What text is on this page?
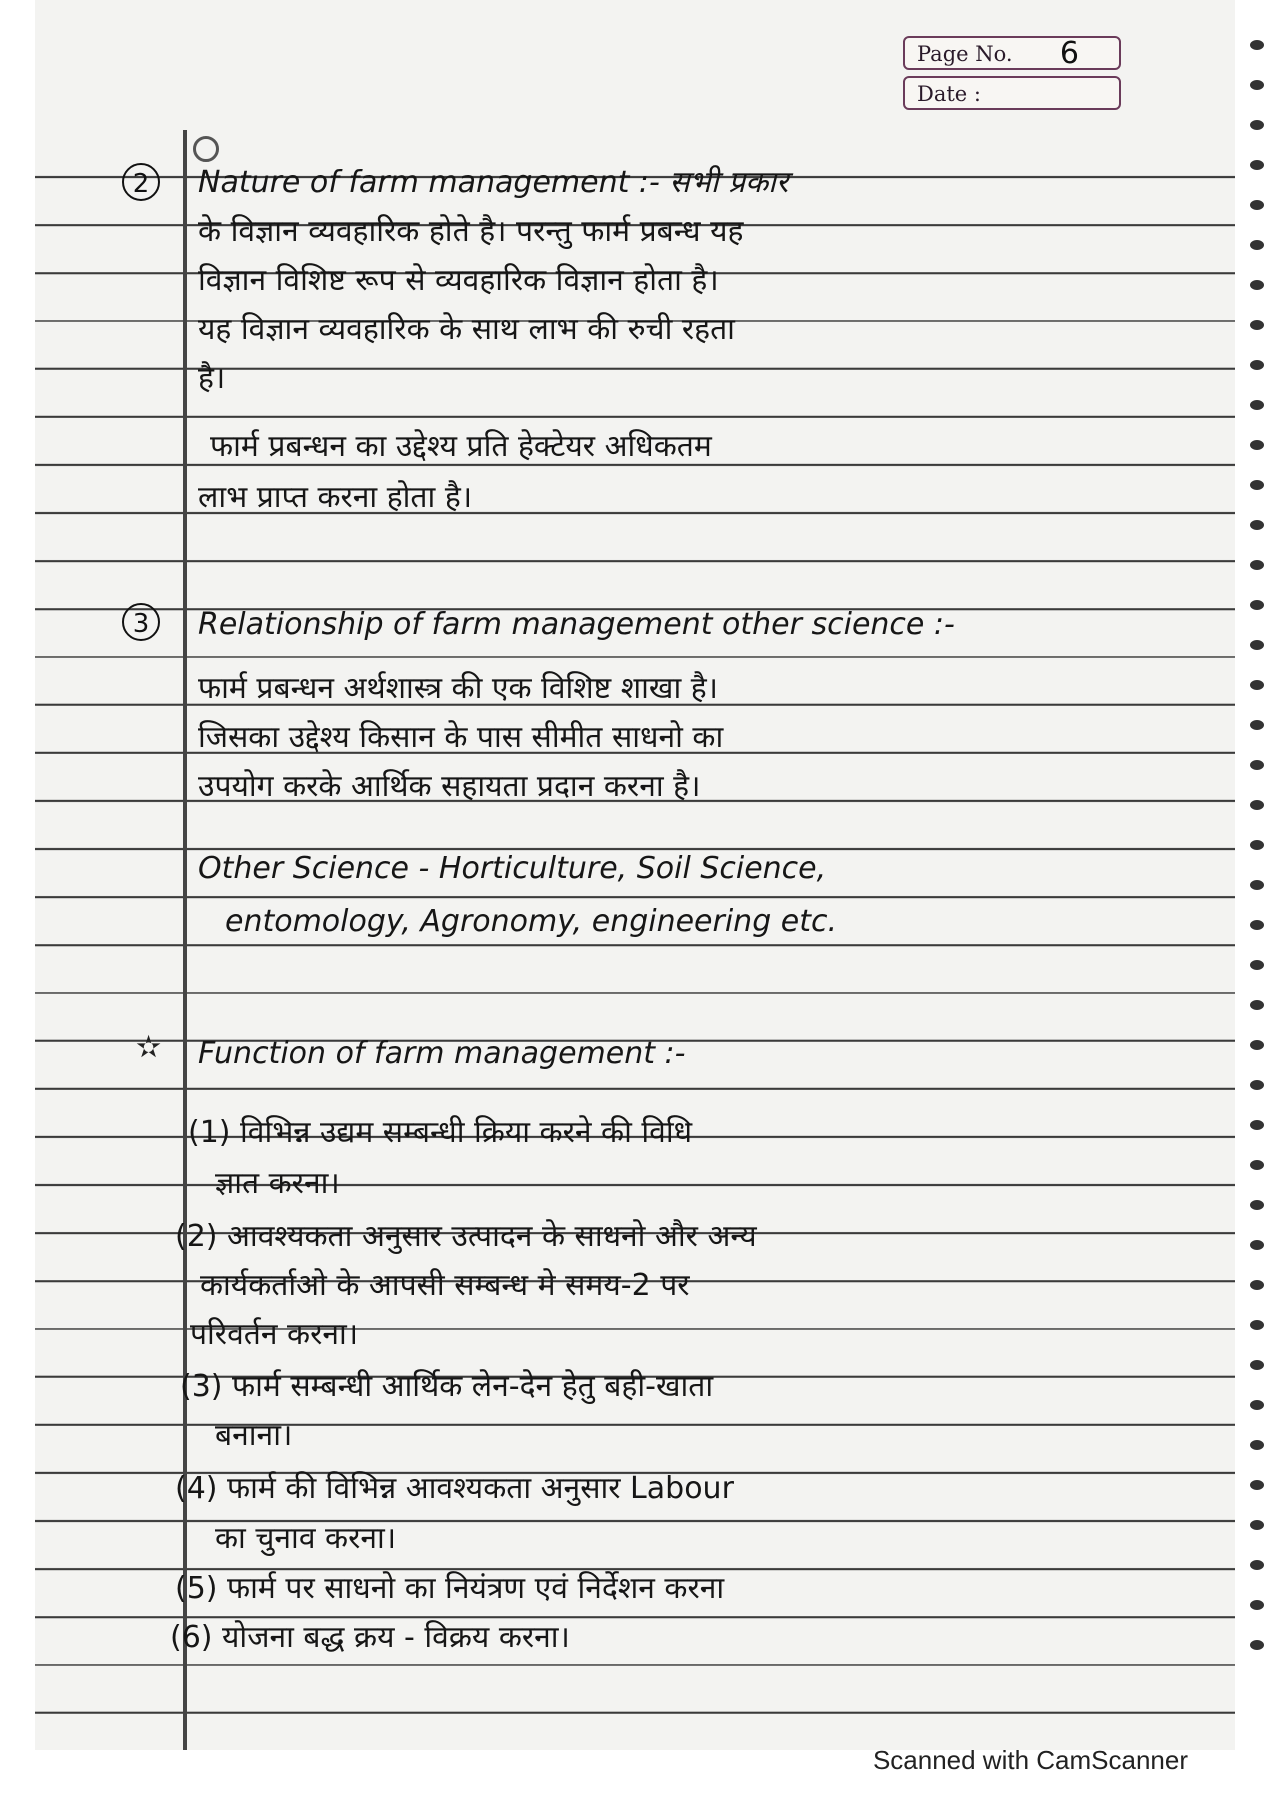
Page No. 6
Date :
2	Nature of farm management :- सभी प्रकार
के विज्ञान व्यवहारिक होते है। परन्तु फार्म प्रबन्ध यह
विज्ञान विशिष्ट रूप से व्यवहारिक विज्ञान होता है।
यह विज्ञान व्यवहारिक के साथ लाभ की रुची रहता
है।
फार्म प्रबन्धन का उद्देश्य प्रति हेक्टेयर अधिकतम
लाभ प्राप्त करना होता है।
3	Relationship of farm management other science :-
फार्म प्रबन्धन अर्थशास्त्र की एक विशिष्ट शाखा है।
जिसका उद्देश्य किसान के पास सीमीत साधनो का
उपयोग करके आर्थिक सहायता प्रदान करना है।
Other Science - Horticulture, Soil Science,
entomology, Agronomy, engineering etc.
✫ Function of farm management :-
(1) विभिन्न उद्यम सम्बन्धी क्रिया करने की विधि
ज्ञात करना।
(2) आवश्यकता अनुसार उत्पादन के साधनो और अन्य
कार्यकर्ताओ के आपसी सम्बन्ध मे समय-2 पर
परिवर्तन करना।
(3) फार्म सम्बन्धी आर्थिक लेन-देन हेतु बही-खाता
बनाना।
(4) फार्म की विभिन्न आवश्यकता अनुसार Labour
का चुनाव करना।
(5) फार्म पर साधनो का नियंत्रण एवं निर्देशन करना
(6) योजना बद्ध क्रय - विक्रय करना।
Scanned with CamScanner
